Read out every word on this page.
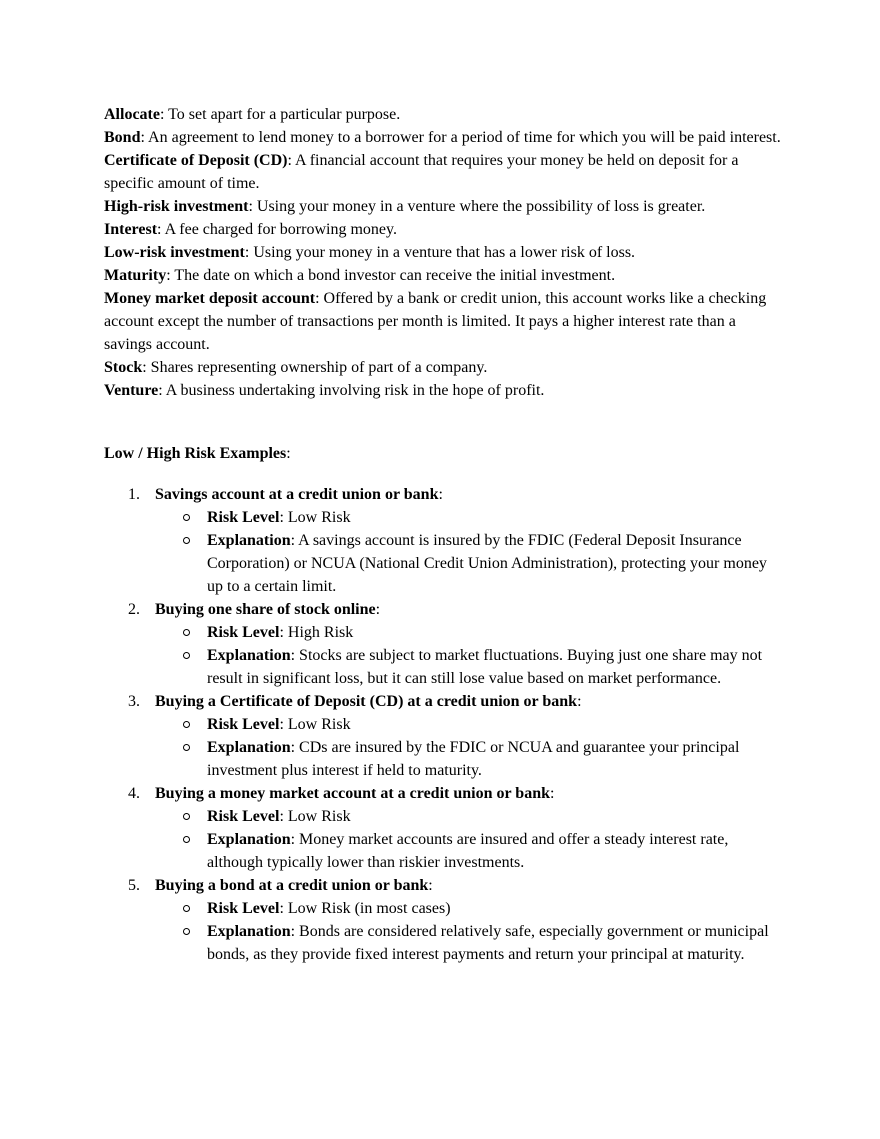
Allocate: To set apart for a particular purpose.

Bond: An agreement to lend money to a borrower for a period of time for which you will be paid interest.

Certificate of Deposit (CD): A financial account that requires your money be held on deposit for a specific amount of time.

High-risk investment: Using your money in a venture where the possibility of loss is greater.

Interest: A fee charged for borrowing money.

Low-risk investment: Using your money in a venture that has a lower risk of loss.

Maturity: The date on which a bond investor can receive the initial investment.

Money market deposit account: Offered by a bank or credit union, this account works like a checking account except the number of transactions per month is limited. It pays a higher interest rate than a savings account.

Stock: Shares representing ownership of part of a company.

Venture: A business undertaking involving risk in the hope of profit.

Low / High Risk Examples:
1. Savings account at a credit union or bank:
Risk Level: Low Risk
Explanation: A savings account is insured by the FDIC (Federal Deposit Insurance Corporation) or NCUA (National Credit Union Administration), protecting your money up to a certain limit.
2. Buying one share of stock online:
Risk Level: High Risk
Explanation: Stocks are subject to market fluctuations. Buying just one share may not result in significant loss, but it can still lose value based on market performance.
3. Buying a Certificate of Deposit (CD) at a credit union or bank:
Risk Level: Low Risk
Explanation: CDs are insured by the FDIC or NCUA and guarantee your principal investment plus interest if held to maturity.
4. Buying a money market account at a credit union or bank:
Risk Level: Low Risk
Explanation: Money market accounts are insured and offer a steady interest rate, although typically lower than riskier investments.
5. Buying a bond at a credit union or bank:
Risk Level: Low Risk (in most cases)
Explanation: Bonds are considered relatively safe, especially government or municipal bonds, as they provide fixed interest payments and return your principal at maturity.
